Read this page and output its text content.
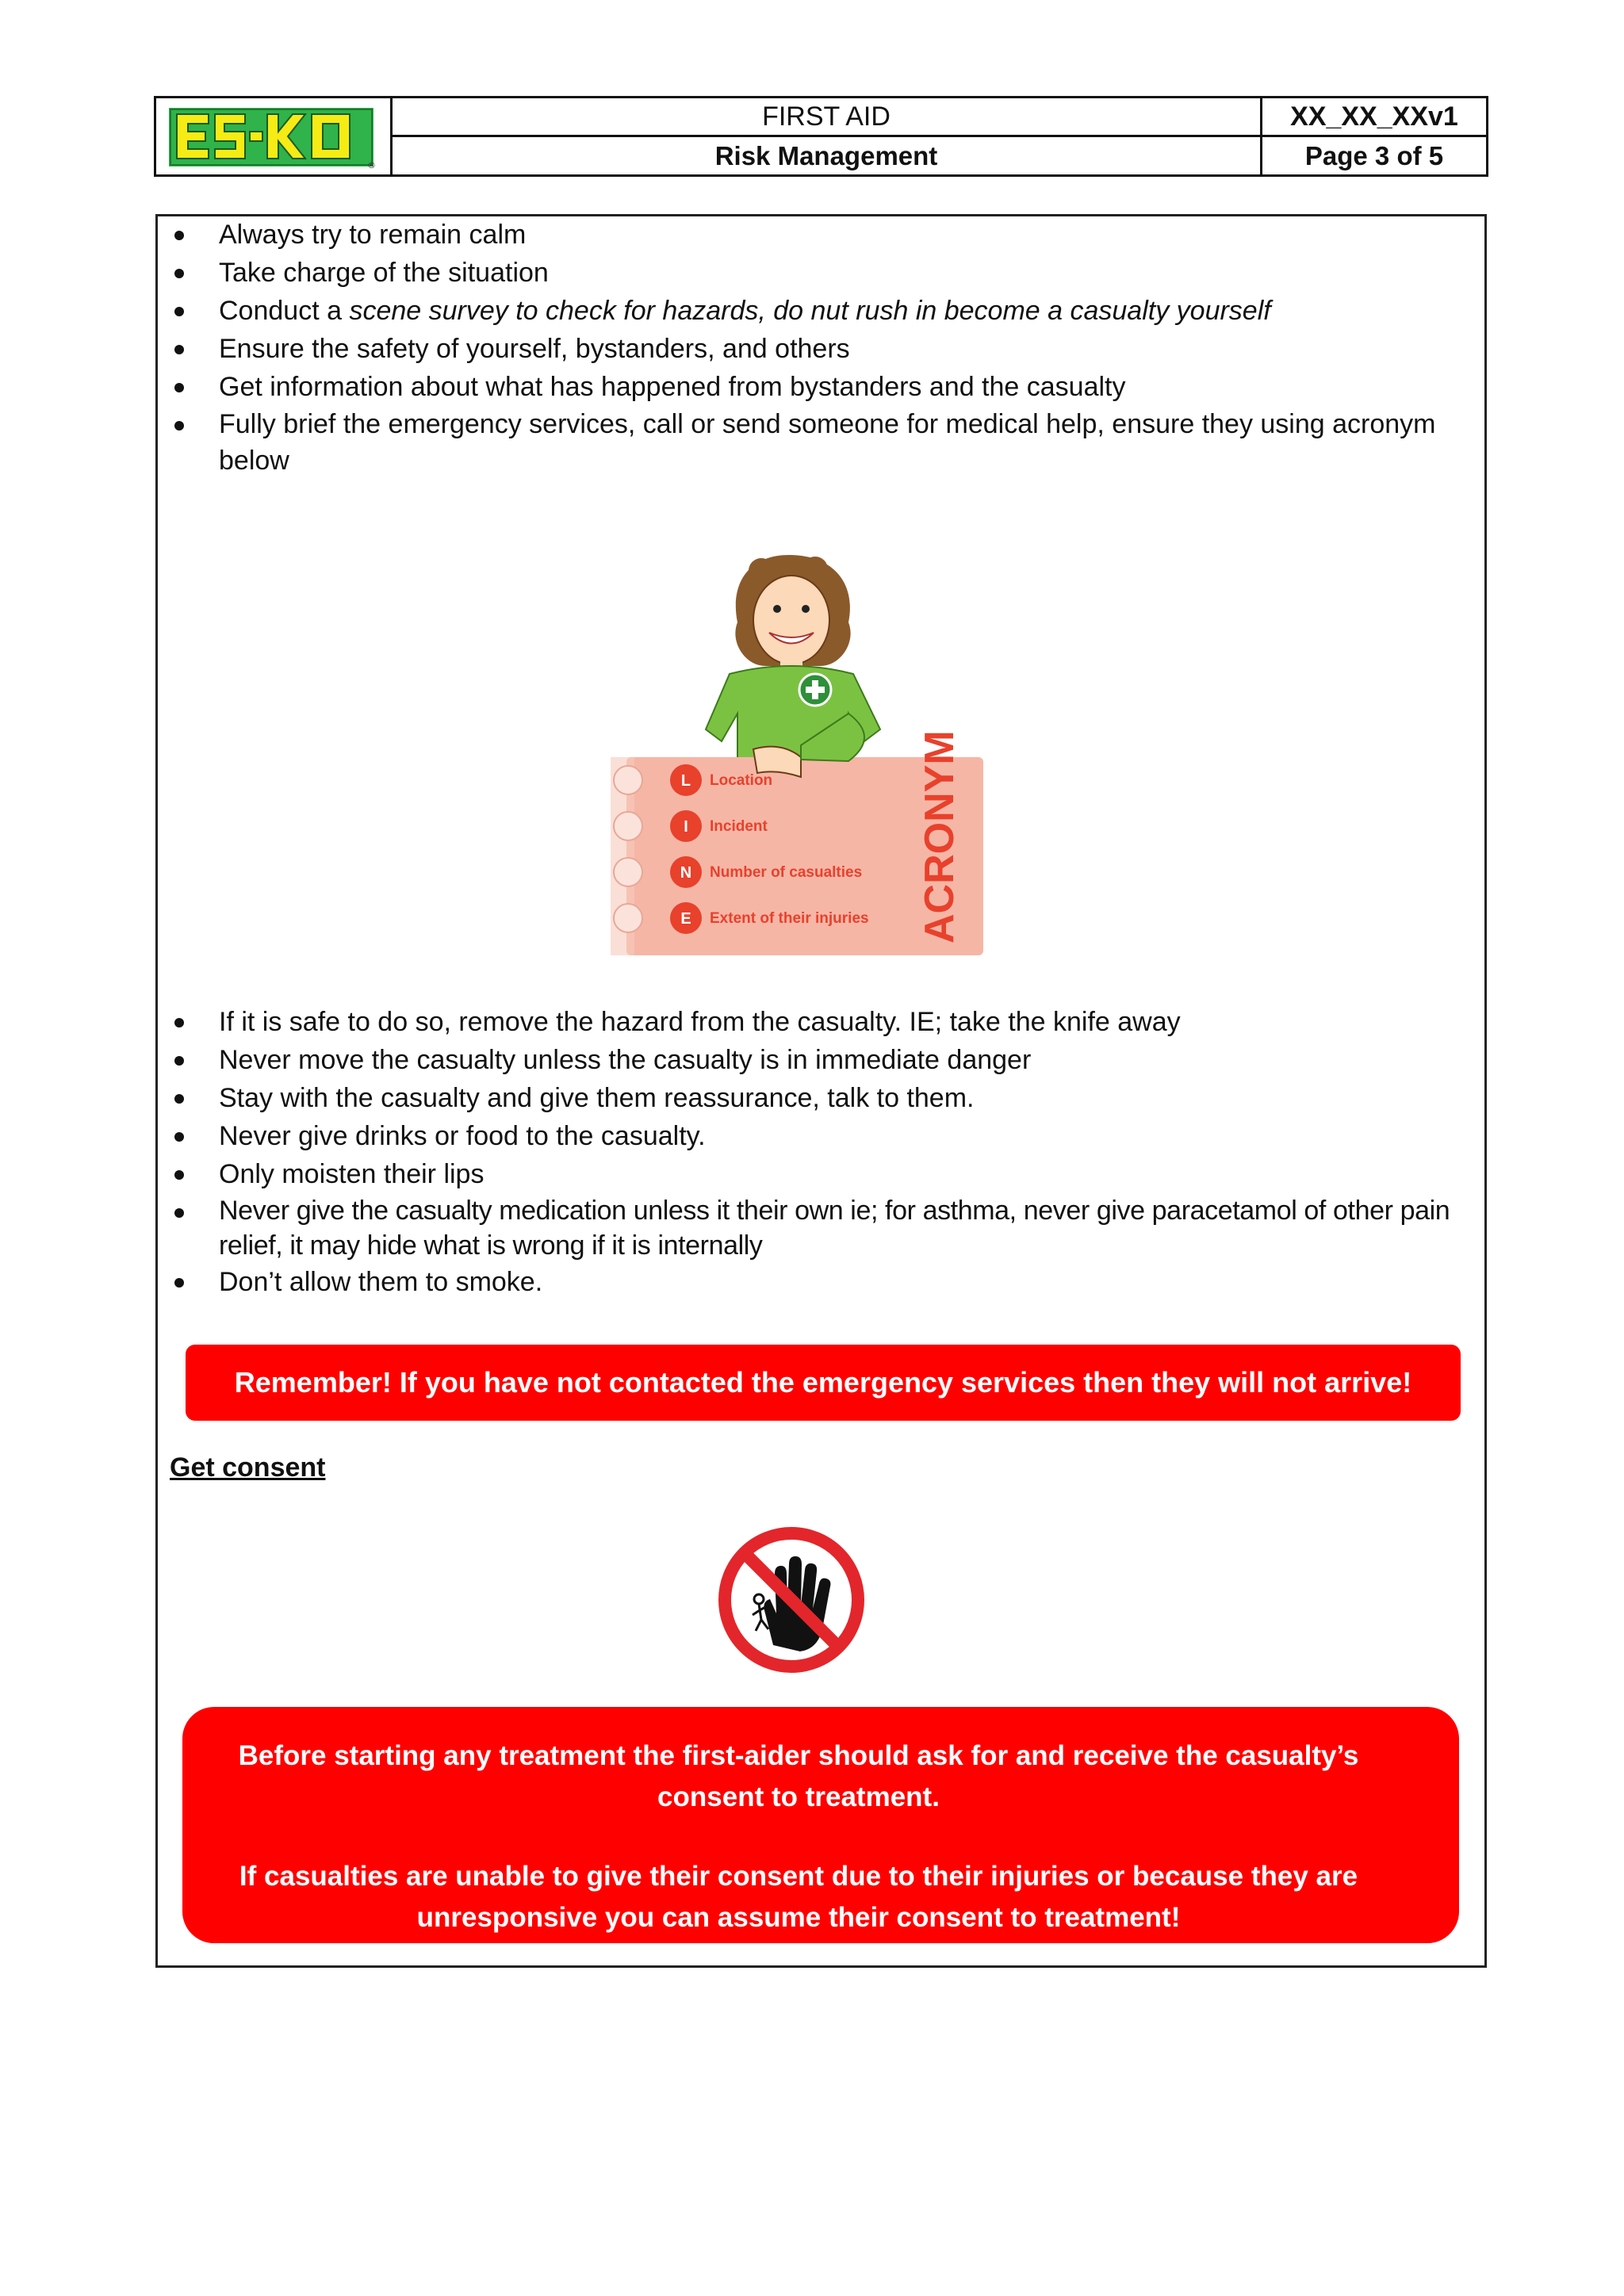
®
FIRST AID
Risk Management
XX_XX_XXv1
Page 3 of 5
Always try to remain calm
Take charge of the situation
Conduct a scene survey to check for hazards, do nut rush in become a casualty yourself
Ensure the safety of yourself, bystanders, and others
Get information about what has happened from bystanders and the casualty
Fully brief the emergency services, call or send someone for medical help, ensure they using acronym below
L Location
I Incident
N Number of casualties
E Extent of their injuries ACRONYM
If it is safe to do so, remove the hazard from the casualty. IE; take the knife away
Never move the casualty unless the casualty is in immediate danger
Stay with the casualty and give them reassurance, talk to them.
Never give drinks or food to the casualty.
Only moisten their lips
Never give the casualty medication unless it their own ie; for asthma, never give paracetamol of other pain relief, it may hide what is wrong if it is internally
Don’t allow them to smoke.
Remember! If you have not contacted the emergency services then they will not arrive!
Get consent
Before starting any treatment the first-aider should ask for and receive the casualty’s consent to treatment.
If casualties are unable to give their consent due to their injuries or because they are unresponsive you can assume their consent to treatment!
